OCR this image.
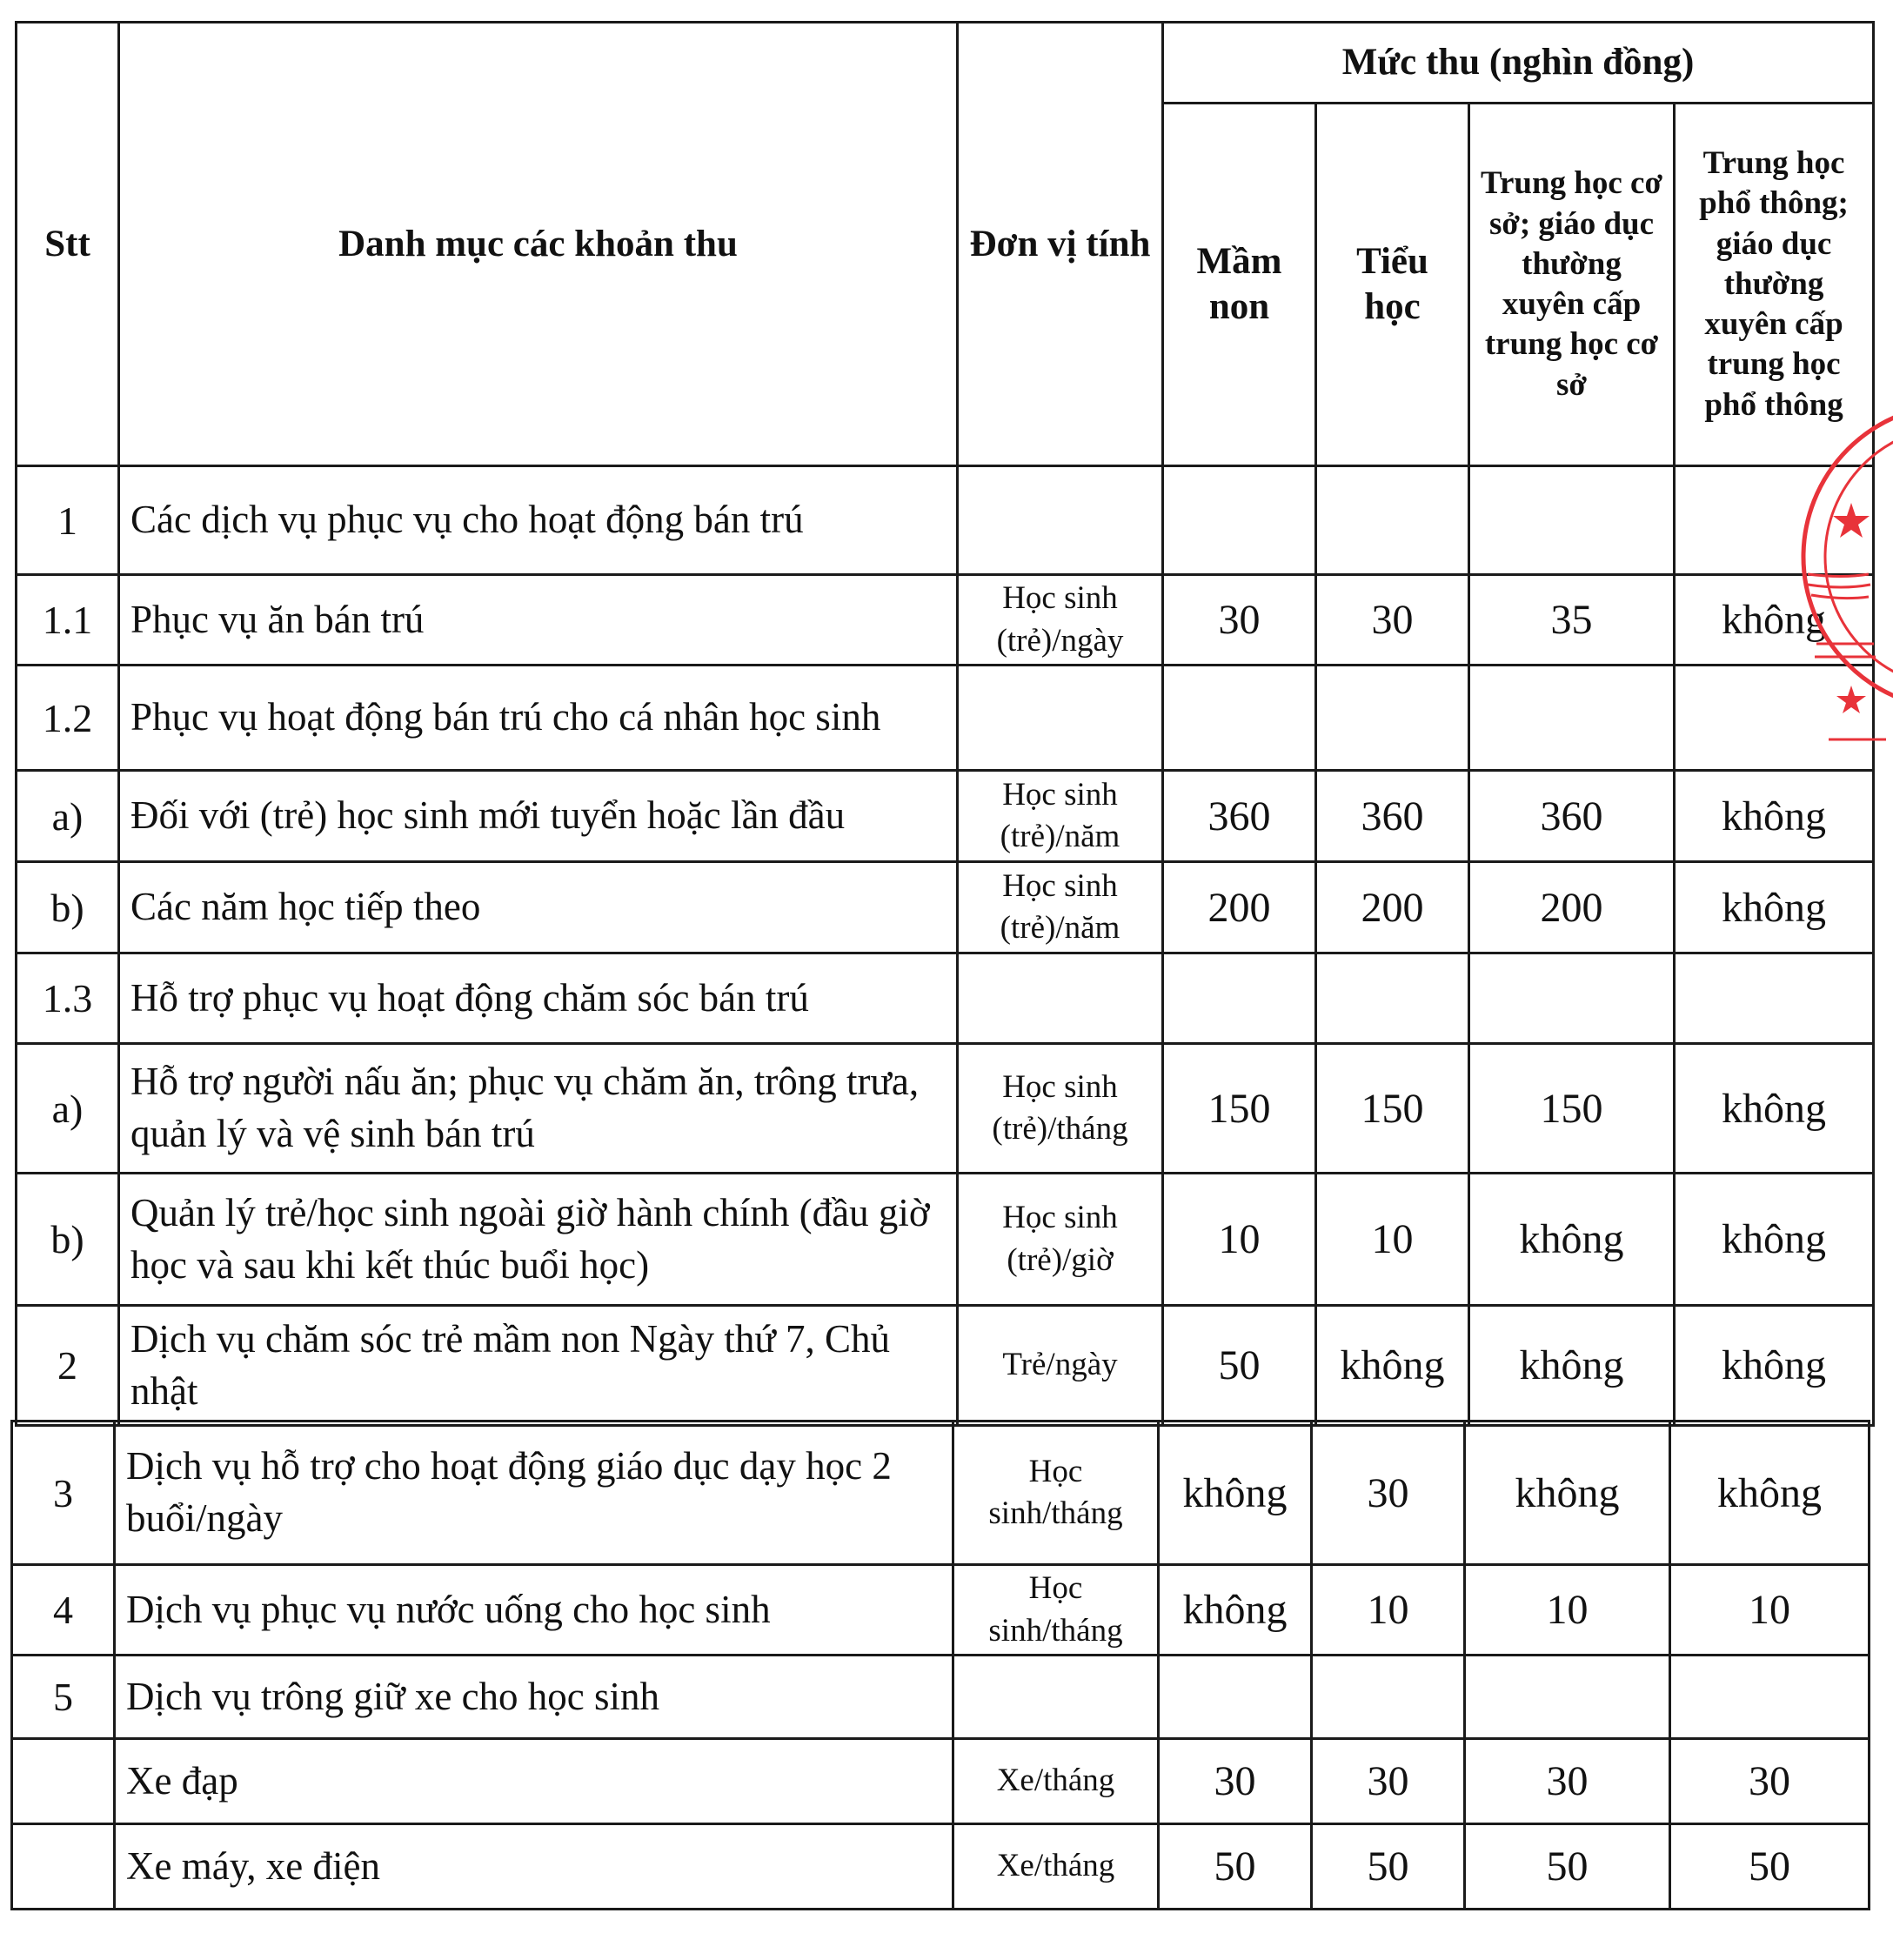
Stt	Danh mục các khoản thu	Đơn vị tính	Mức thu (nghìn đồng)			
			Mầm non	Tiểu học	Trung học cơ sở; giáo dục thường xuyên cấp trung học cơ sở	Trung học phổ thông; giáo dục thường xuyên cấp trung học phổ thông
1	Các dịch vụ phục vụ cho hoạt động bán trú					
1.1	Phục vụ ăn bán trú	Học sinh (trẻ)/ngày	30	30	35	không
1.2	Phục vụ hoạt động bán trú cho cá nhân học sinh					
a)	Đối với (trẻ) học sinh mới tuyển hoặc lần đầu	Học sinh (trẻ)/năm	360	360	360	không
b)	Các năm học tiếp theo	Học sinh (trẻ)/năm	200	200	200	không
1.3	Hỗ trợ phục vụ hoạt động chăm sóc bán trú					
a)	Hỗ trợ người nấu ăn; phục vụ chăm ăn, trông trưa, quản lý và vệ sinh bán trú	Học sinh (trẻ)/tháng	150	150	150	không
b)	Quản lý trẻ/học sinh ngoài giờ hành chính (đầu giờ học và sau khi kết thúc buổi học)	Học sinh (trẻ)/giờ	10	10	không	không
2	Dịch vụ chăm sóc trẻ mầm non Ngày thứ 7, Chủ nhật	Trẻ/ngày	50	không	không	không
3	Dịch vụ hỗ trợ cho hoạt động giáo dục dạy học 2 buổi/ngày	Học sinh/tháng	không	30	không	không
4	Dịch vụ phục vụ nước uống cho học sinh	Học sinh/tháng	không	10	10	10
5	Dịch vụ trông giữ xe cho học sinh					
	Xe đạp	Xe/tháng	30	30	30	30
	Xe máy, xe điện	Xe/tháng	50	50	50	50
